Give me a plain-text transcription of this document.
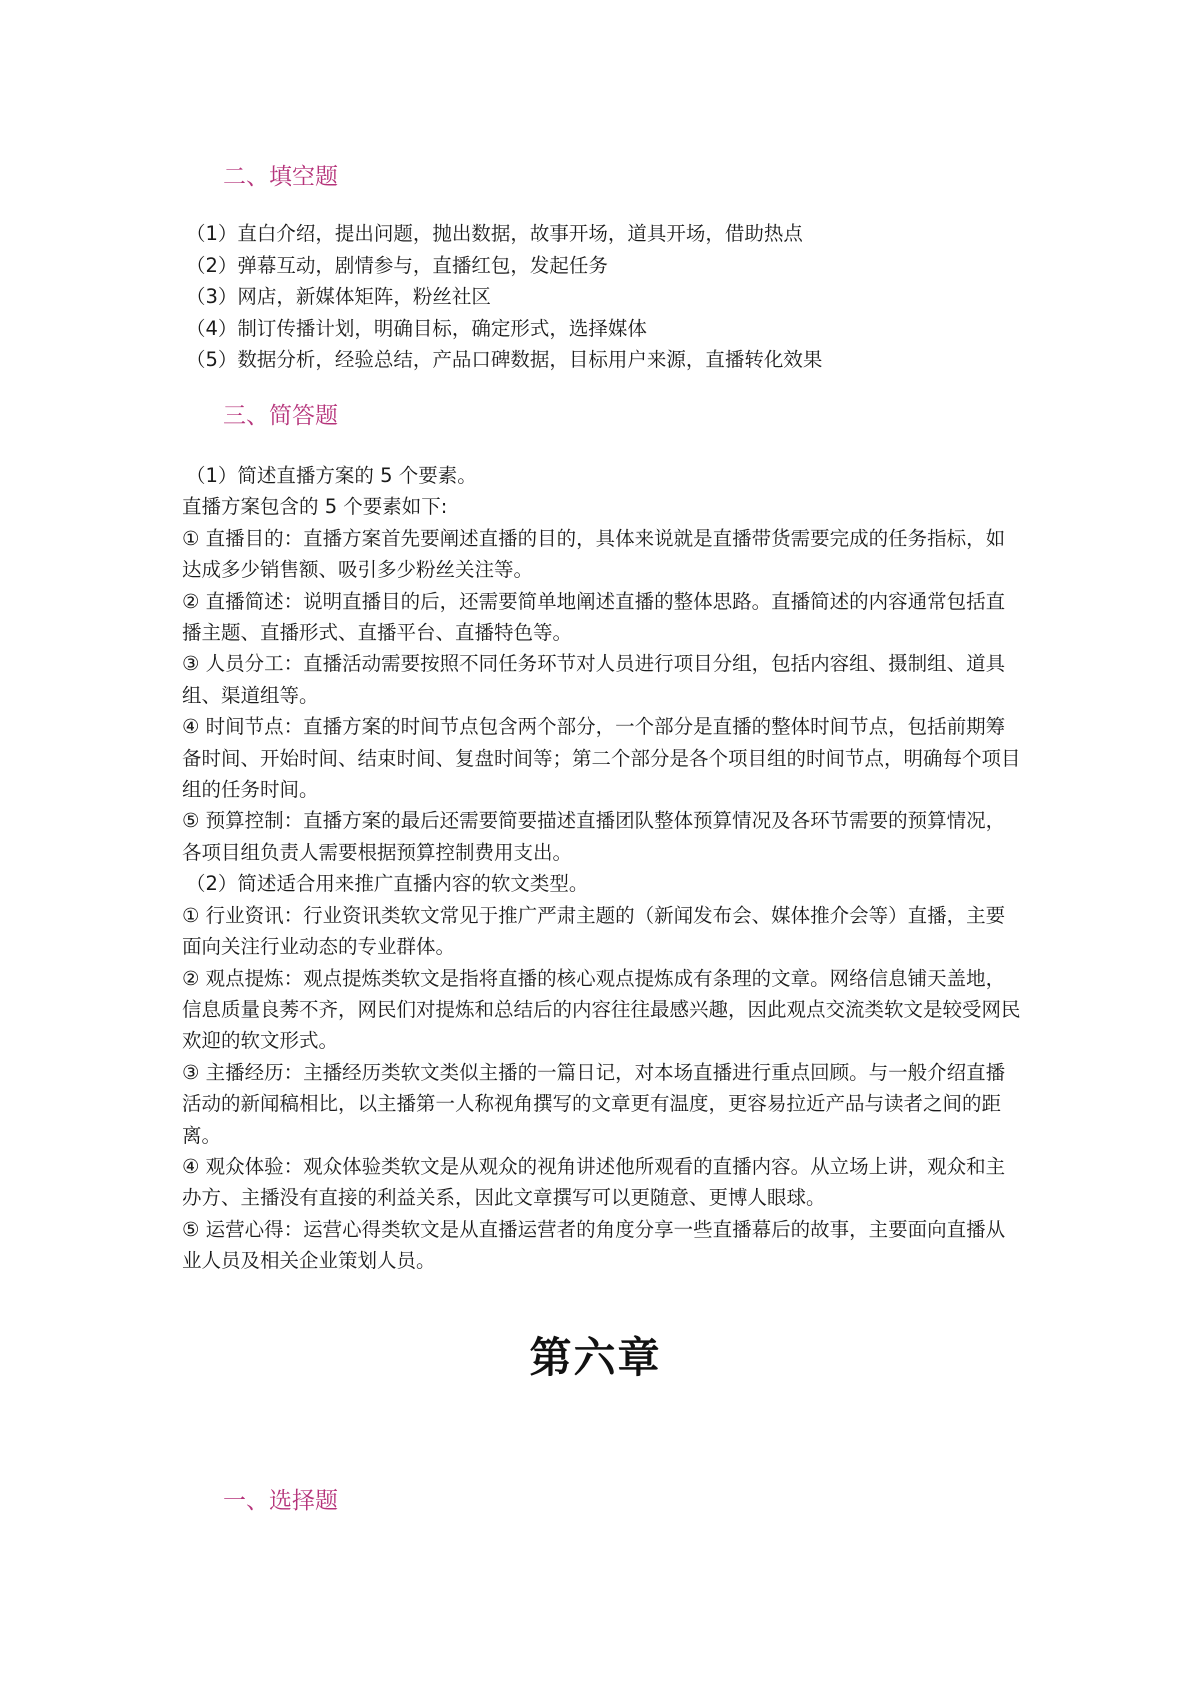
二、填空题
（1）直白介绍，提出问题，抛出数据，故事开场，道具开场，借助热点
（2）弹幕互动，剧情参与，直播红包，发起任务
（3）网店，新媒体矩阵，粉丝社区
（4）制订传播计划，明确目标，确定形式，选择媒体
（5）数据分析，经验总结，产品口碑数据，目标用户来源，直播转化效果
三、简答题

（1）简述直播方案的 5 个要素。

直播方案包含的 5 个要素如下:

① 直播目的：直播方案首先要阐述直播的目的，具体来说就是直播带货需要完成的任务指标，如达成多少销售额、吸引多少粉丝关注等。

② 直播简述：说明直播目的后，还需要简单地阐述直播的整体思路。直播简述的内容通常包括直播主题、直播形式、直播平台、直播特色等。

③ 人员分工：直播活动需要按照不同任务环节对人员进行项目分组，包括内容组、摄制组、道具组、渠道组等。

④ 时间节点：直播方案的时间节点包含两个部分，一个部分是直播的整体时间节点，包括前期筹备时间、开始时间、结束时间、复盘时间等；第二个部分是各个项目组的时间节点，明确每个项目组的任务时间。

⑤ 预算控制：直播方案的最后还需要简要描述直播团队整体预算情况及各环节需要的预算情况，各项目组负责人需要根据预算控制费用支出。

（2）简述适合用来推广直播内容的软文类型。

① 行业资讯：行业资讯类软文常见于推广严肃主题的（新闻发布会、媒体推介会等）直播，主要面向关注行业动态的专业群体。

② 观点提炼：观点提炼类软文是指将直播的核心观点提炼成有条理的文章。网络信息铺天盖地，信息质量良莠不齐，网民们对提炼和总结后的内容往往最感兴趣，因此观点交流类软文是较受网民欢迎的软文形式。

③ 主播经历：主播经历类软文类似主播的一篇日记，对本场直播进行重点回顾。与一般介绍直播活动的新闻稿相比，以主播第一人称视角撰写的文章更有温度，更容易拉近产品与读者之间的距离。

④ 观众体验：观众体验类软文是从观众的视角讲述他所观看的直播内容。从立场上讲，观众和主办方、主播没有直接的利益关系，因此文章撰写可以更随意、更博人眼球。

⑤ 运营心得：运营心得类软文是从直播运营者的角度分享一些直播幕后的故事，主要面向直播从业人员及相关企业策划人员。

第六章
一、选择题
